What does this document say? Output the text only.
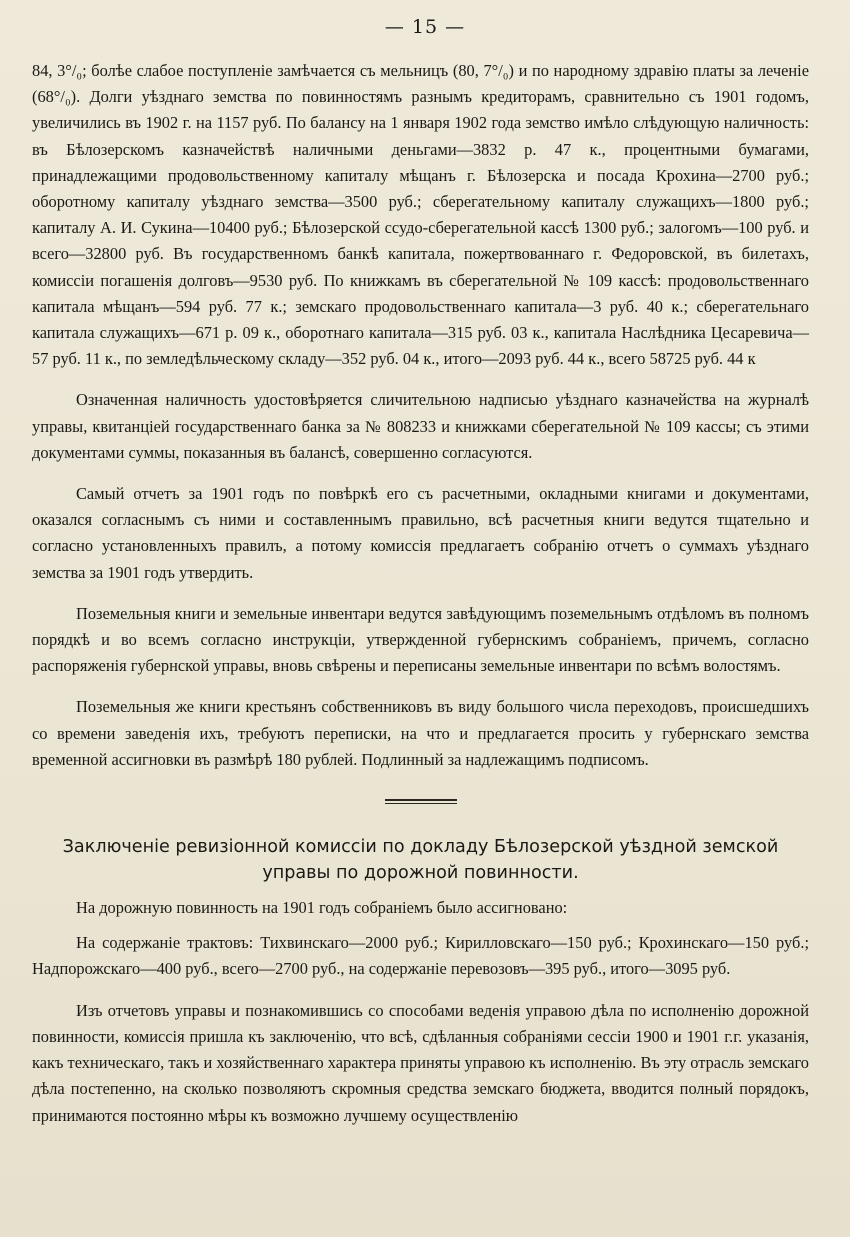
— 15 —

84, 3°/₀; болѣе слабое поступленіе замѣчается съ мельницъ (80, 7°/₀) и по народному здравію платы за леченіе (68°/₀). Долги уѣзднаго земства по повинностямъ разнымъ кредиторамъ, сравнительно съ 1901 годомъ, увеличились въ 1902 г. на 1157 руб. По балансу на 1 января 1902 года земство имѣло слѣдующую наличность: въ Бѣлозерскомъ казначействѣ наличными деньгами—3832 р. 47 к., процентными бумагами, принадлежащими продовольственному капиталу мѣщанъ г. Бѣлозерска и посада Крохина—2700 руб.; оборотному капиталу уѣзднаго земства—3500 руб.; сберегательному капиталу служащихъ—1800 руб.; капиталу А. И. Сукина—10400 руб.; Бѣлозерской ссудо-сберегательной кассѣ 1300 руб.; залогомъ—100 руб. и всего—32800 руб. Въ государственномъ банкѣ капитала, пожертвованнаго г. Федоровской, въ билетахъ, комиссіи погашенія долговъ—9530 руб. По книжкамъ въ сберегательной № 109 кассѣ: продовольственнаго капитала мѣщанъ—594 руб. 77 к.; земскаго продовольственнаго капитала—3 руб. 40 к.; сберегательнаго капитала служащихъ—671 р. 09 к., оборотнаго капитала—315 руб. 03 к., капитала Наслѣдника Цесаревича—57 руб. 11 к., по земледѣльческому складу—352 руб. 04 к., итого—2093 руб. 44 к., всего 58725 руб. 44 к

Означенная наличность удостовѣряется сличительною надписью уѣзднаго казначейства на журналѣ управы, квитанціей государственнаго банка за № 808233 и книжками сберегательной № 109 кассы; съ этими документами суммы, показанныя въ балансѣ, совершенно согласуются.

Самый отчетъ за 1901 годъ по повѣркѣ его съ расчетными, окладными книгами и документами, оказался согласнымъ съ ними и составленнымъ правильно, всѣ расчетныя книги ведутся тщательно и согласно установленныхъ правилъ, а потому комиссія предлагаетъ собранію отчетъ о суммахъ уѣзднаго земства за 1901 годъ утвердить.

Поземельныя книги и земельные инвентари ведутся завѣдующимъ поземельнымъ отдѣломъ въ полномъ порядкѣ и во всемъ согласно инструкціи, утвержденной губернскимъ собраніемъ, причемъ, согласно распоряженія губернской управы, вновь свѣрены и переписаны земельные инвентари по всѣмъ волостямъ.

Поземельныя же книги крестьянъ собственниковъ въ виду большого числа переходовъ, происшедшихъ со времени заведенія ихъ, требуютъ переписки, на что и предлагается просить у губернскаго земства временной ассигновки въ размѣрѣ 180 рублей. Подлинный за надлежащимъ подписомъ.

Заключеніе ревизіонной комиссіи по докладу Бѣлозерской уѣздной земской управы по дорожной повинности.

На дорожную повинность на 1901 годъ собраніемъ было ассигновано:

На содержаніе трактовъ: Тихвинскаго—2000 руб.; Кирилловскаго—150 руб.; Крохинскаго—150 руб.; Надпорожскаго—400 руб., всего—2700 руб., на содержаніе перевозовъ—395 руб., итого—3095 руб.

Изъ отчетовъ управы и познакомившись со способами веденія управою дѣла по исполненію дорожной повинности, комиссія пришла къ заключенію, что всѣ, сдѣланныя собраніями сессіи 1900 и 1901 г.г. указанія, какъ техническаго, такъ и хозяйственнаго характера приняты управою къ исполненію. Въ эту отрасль земскаго дѣла постепенно, на сколько позволяютъ скромныя средства земскаго бюджета, вводится полный порядокъ, принимаются постоянно мѣры къ возможно лучшему осуществленію
